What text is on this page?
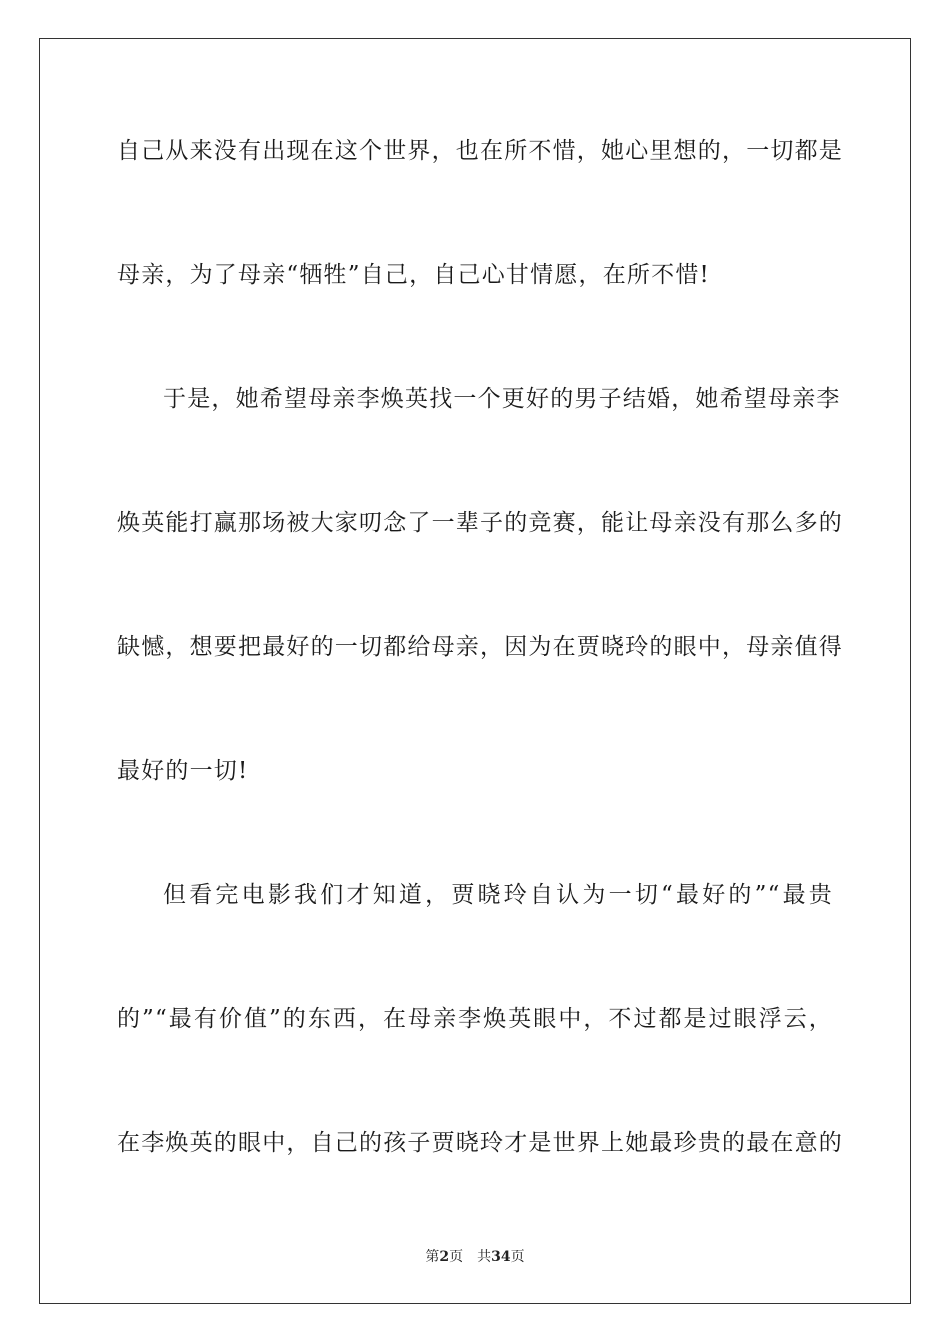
自己从来没有出现在这个世界，也在所不惜，她心里想的，一切都是
母亲，为了母亲“牺牲”自己，自己心甘情愿，在所不惜!
于是，她希望母亲李焕英找一个更好的男子结婚，她希望母亲李
焕英能打赢那场被大家叨念了一辈子的竞赛，能让母亲没有那么多的
缺憾，想要把最好的一切都给母亲，因为在贾晓玲的眼中，母亲值得
最好的一切!
但看完电影我们才知道，贾晓玲自认为一切“最好的”“最贵
的”“最有价值”的东西，在母亲李焕英眼中，不过都是过眼浮云，
在李焕英的眼中，自己的孩子贾晓玲才是世界上她最珍贵的最在意的
第2页 共34页
